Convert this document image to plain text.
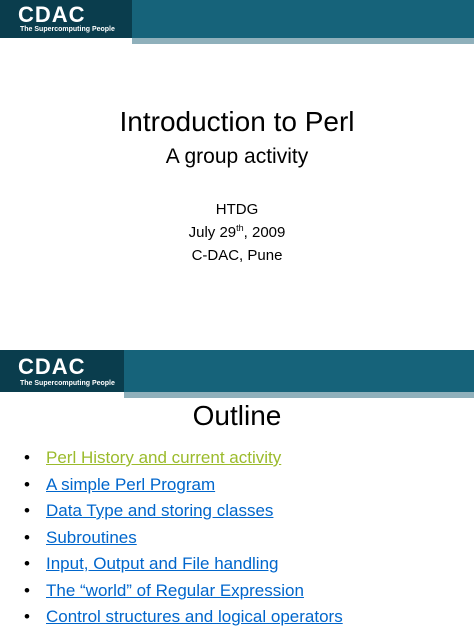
CDAC
The Supercomputing People
Introduction to Perl
A group activity
HTDG
July 29th, 2009
C-DAC, Pune
CDAC
The Supercomputing People
Outline
• Perl History and current activity
• A simple Perl Program
• Data Type and storing classes
• Subroutines
• Input, Output and File handling
• The “world” of Regular Expression
• Control structures and logical operators
